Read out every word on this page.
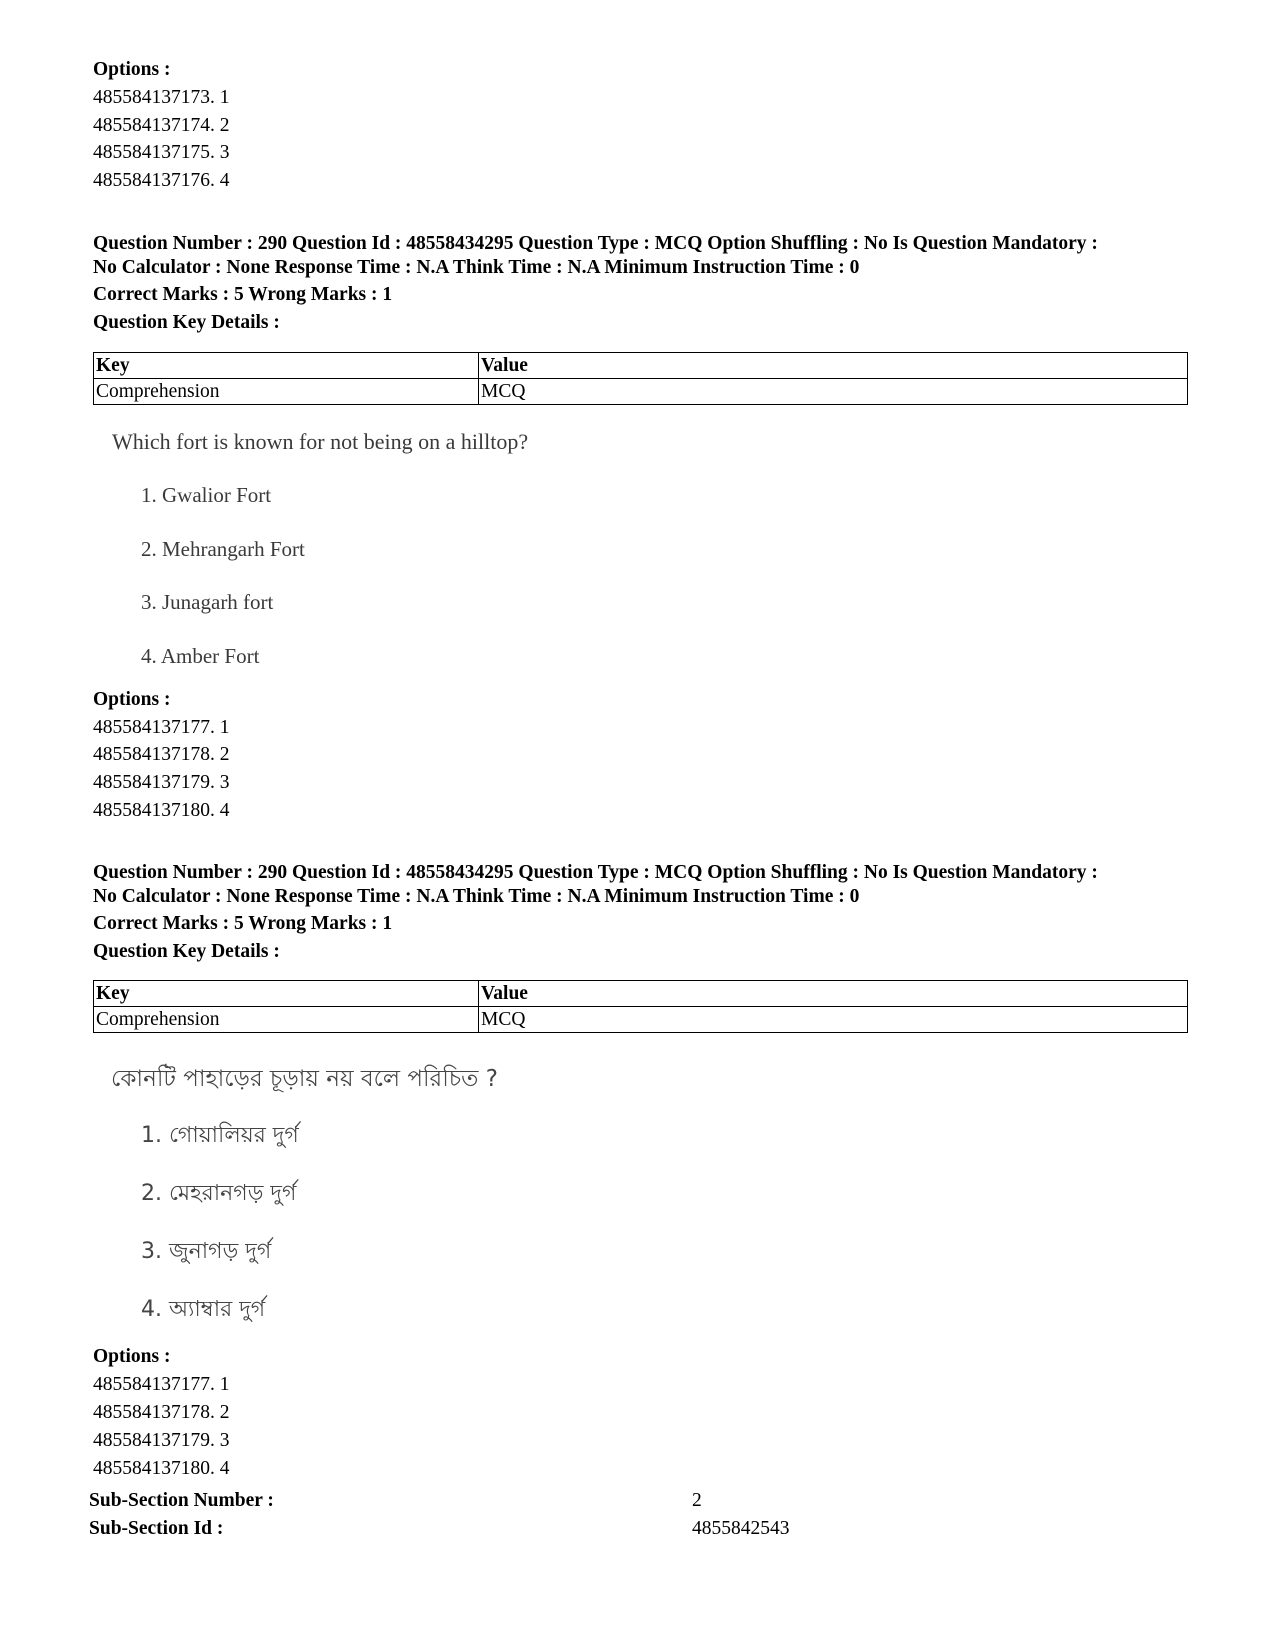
Options :
485584137173. 1
485584137174. 2
485584137175. 3
485584137176. 4
Question Number : 290 Question Id : 48558434295 Question Type : MCQ Option Shuffling : No Is Question Mandatory :
No Calculator : None Response Time : N.A Think Time : N.A Minimum Instruction Time : 0
Correct Marks : 5 Wrong Marks : 1
Question Key Details :
Key	Value
Comprehension	MCQ
Which fort is known for not being on a hilltop?
1. Gwalior Fort
2. Mehrangarh Fort
3. Junagarh fort
4. Amber Fort
Options :
485584137177. 1
485584137178. 2
485584137179. 3
485584137180. 4
Question Number : 290 Question Id : 48558434295 Question Type : MCQ Option Shuffling : No Is Question Mandatory :
No Calculator : None Response Time : N.A Think Time : N.A Minimum Instruction Time : 0
Correct Marks : 5 Wrong Marks : 1
Question Key Details :
Key	Value
Comprehension	MCQ
কোনটি পাহাড়ের চূড়ায় নয় বলে পরিচিত ?
1. গোয়ালিয়র দুর্গ
2. মেহরানগড় দুর্গ
3. জুনাগড় দুর্গ
4. অ্যাম্বার দুর্গ
Options :
485584137177. 1
485584137178. 2
485584137179. 3
485584137180. 4
Sub-Section Number :	2
Sub-Section Id :	4855842543
